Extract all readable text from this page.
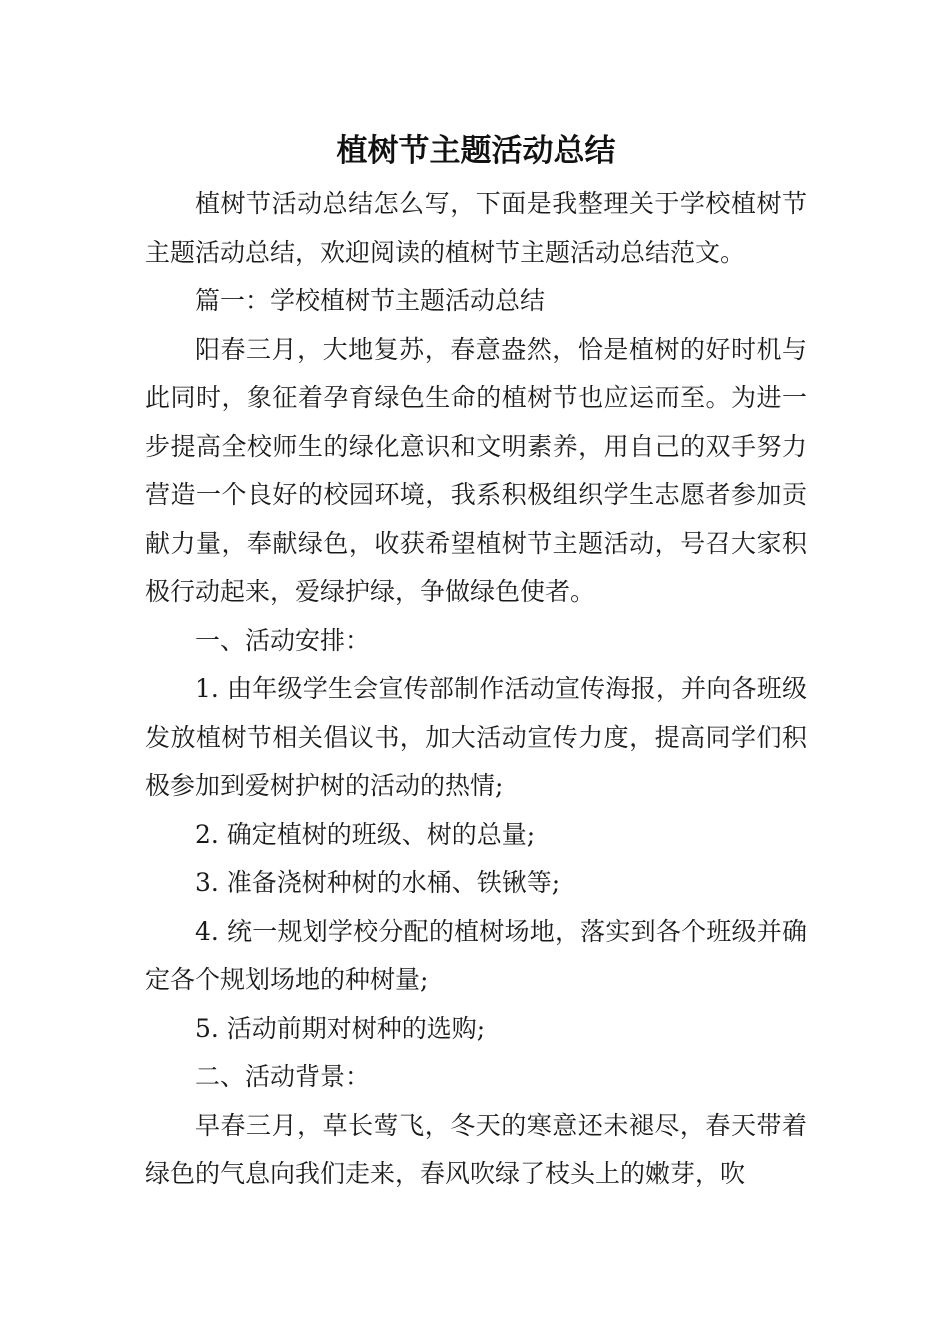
植树节主题活动总结

植树节活动总结怎么写，下面是我整理关于学校植树节主题活动总结，欢迎阅读的植树节主题活动总结范文。

篇一：学校植树节主题活动总结

阳春三月，大地复苏，春意盎然，恰是植树的好时机与此同时，象征着孕育绿色生命的植树节也应运而至。为进一步提高全校师生的绿化意识和文明素养，用自己的双手努力营造一个良好的校园环境，我系积极组织学生志愿者参加贡献力量，奉献绿色，收获希望植树节主题活动，号召大家积极行动起来，爱绿护绿，争做绿色使者。

一、活动安排：

1. 由年级学生会宣传部制作活动宣传海报，并向各班级发放植树节相关倡议书，加大活动宣传力度，提高同学们积极参加到爱树护树的活动的热情;

2. 确定植树的班级、树的总量;

3. 准备浇树种树的水桶、铁锹等;

4. 统一规划学校分配的植树场地，落实到各个班级并确定各个规划场地的种树量;

5. 活动前期对树种的选购;

二、活动背景：

早春三月，草长莺飞，冬天的寒意还未褪尽，春天带着绿色的气息向我们走来，春风吹绿了枝头上的嫩芽，吹
